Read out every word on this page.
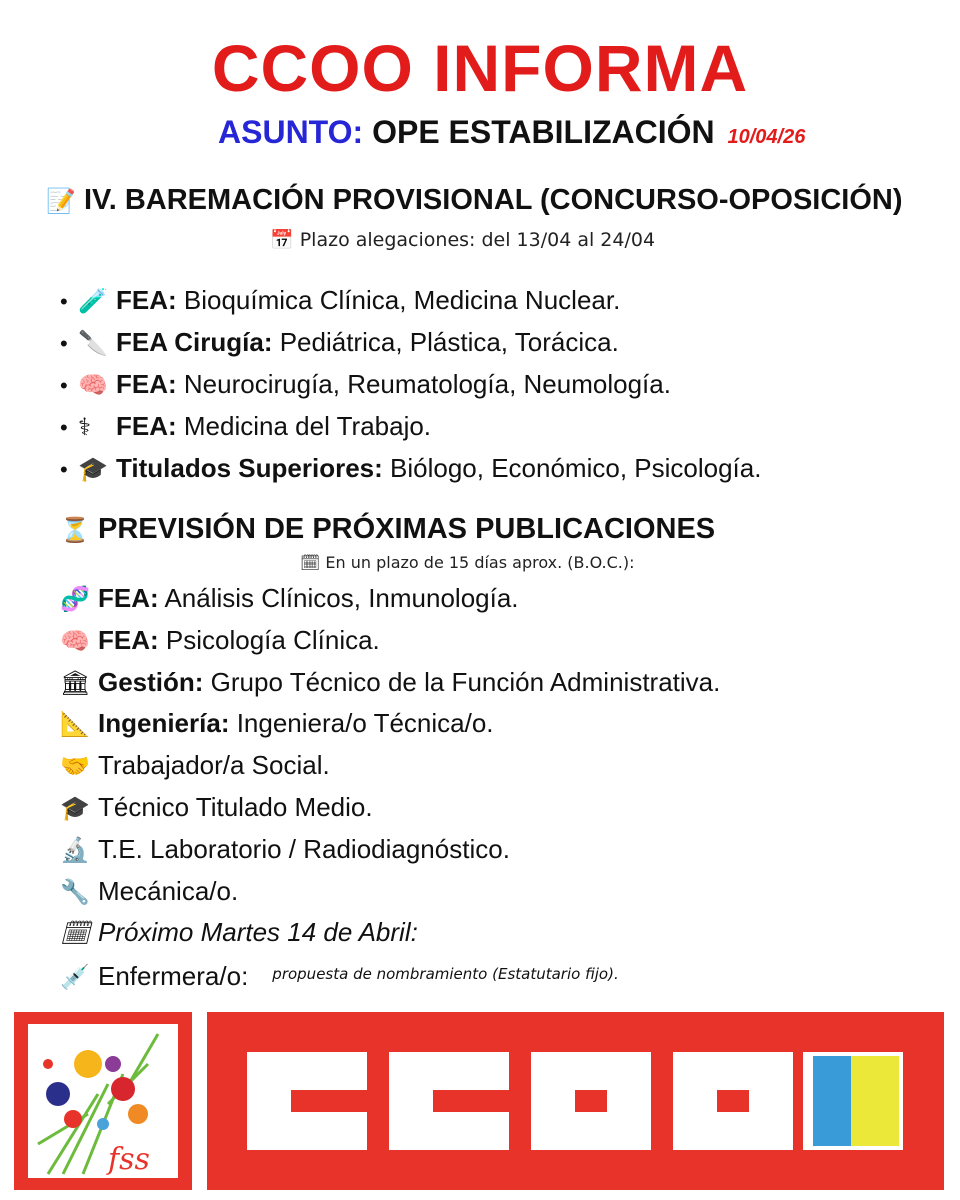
CCOO INFORMA
ASUNTO: OPE ESTABILIZACIÓN 10/04/26
📝 IV. BAREMACIÓN PROVISIONAL (CONCURSO-OPOSICIÓN)
📅 Plazo alegaciones: del 13/04 al 24/04
• 🧪 FEA: Bioquímica Clínica, Medicina Nuclear.
• 🔪 FEA Cirugía: Pediátrica, Plástica, Torácica.
• 🧠 FEA: Neurocirugía, Reumatología, Neumología.
• ⚕ FEA: Medicina del Trabajo.
• 🎓 Titulados Superiores: Biólogo, Económico, Psicología.
⏳ PREVISIÓN DE PRÓXIMAS PUBLICACIONES
🗓 En un plazo de 15 días aprox. (B.O.C.):
🧬 FEA: Análisis Clínicos, Inmunología.
🧠 FEA: Psicología Clínica.
🏛 Gestión: Grupo Técnico de la Función Administrativa.
📐 Ingeniería: Ingeniera/o Técnica/o.
🤝 Trabajador/a Social.
🎓 Técnico Titulado Medio.
🔬 T.E. Laboratorio / Radiodiagnóstico.
🔧 Mecánica/o.
🗓 Próximo Martes 14 de Abril:
💉 Enfermera/o: $^{propuesta de nombramiento (Estatutario fijo).}$
fss
